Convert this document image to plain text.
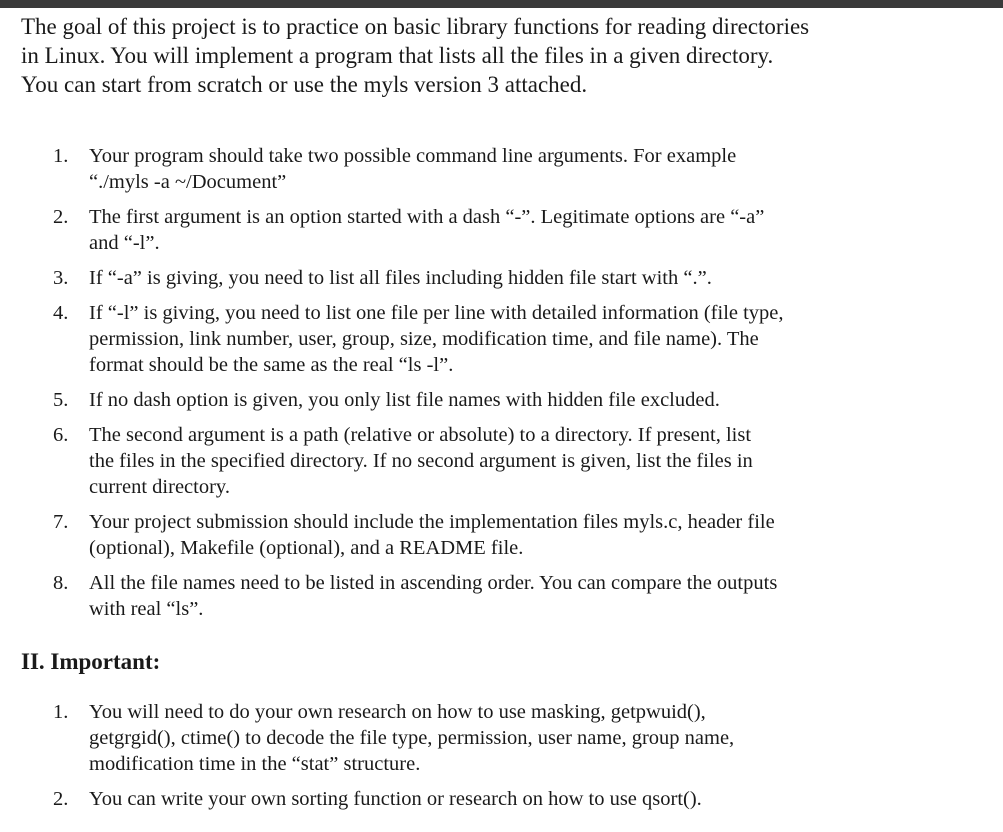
The goal of this project is to practice on basic library functions for reading directories
in Linux. You will implement a program that lists all the files in a given directory.
You can start from scratch or use the myls version 3 attached.

1. Your program should take two possible command line arguments. For example
“./myls -a ~/Document”
2. The first argument is an option started with a dash “-”. Legitimate options are “-a”
and “-l”.
3. If “-a” is giving, you need to list all files including hidden file start with “.”.
4. If “-l” is giving, you need to list one file per line with detailed information (file type,
permission, link number, user, group, size, modification time, and file name). The
format should be the same as the real “ls -l”.
5. If no dash option is given, you only list file names with hidden file excluded.
6. The second argument is a path (relative or absolute) to a directory. If present, list
the files in the specified directory. If no second argument is given, list the files in
current directory.
7. Your project submission should include the implementation files myls.c, header file
(optional), Makefile (optional), and a README file.
8. All the file names need to be listed in ascending order. You can compare the outputs
with real “ls”.
II. Important:
1. You will need to do your own research on how to use masking, getpwuid(),
getgrgid(), ctime() to decode the file type, permission, user name, group name,
modification time in the “stat” structure.
2. You can write your own sorting function or research on how to use qsort().
